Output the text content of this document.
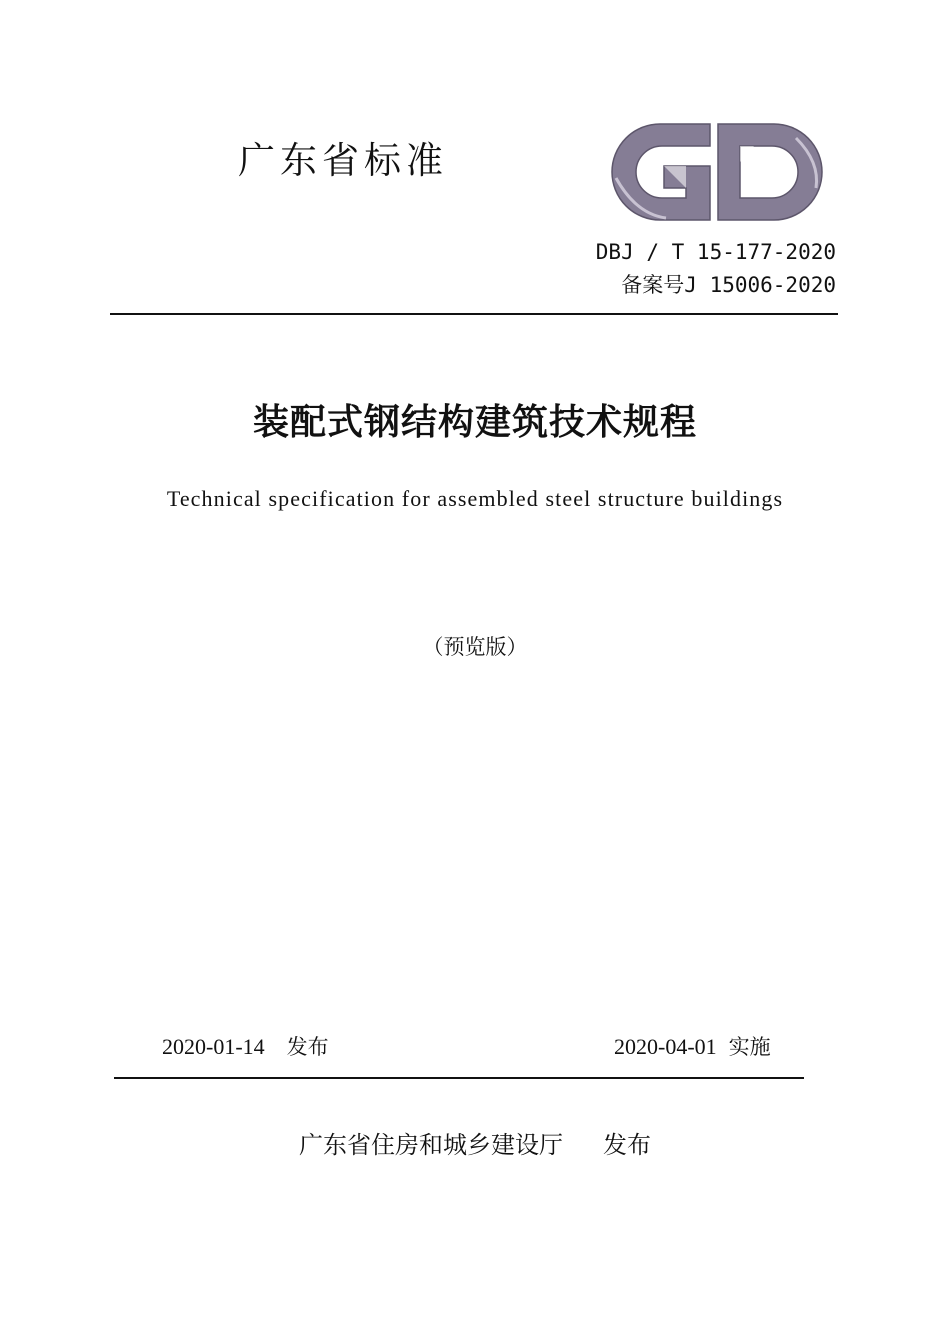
广东省标准
DBJ / T 15-177-2020
备案号J 15006-2020
装配式钢结构建筑技术规程
Technical specification for assembled steel structure buildings
（预览版）
2020-01-14 发布	2020-04-01 实施
广东省住房和城乡建设厅 发布
